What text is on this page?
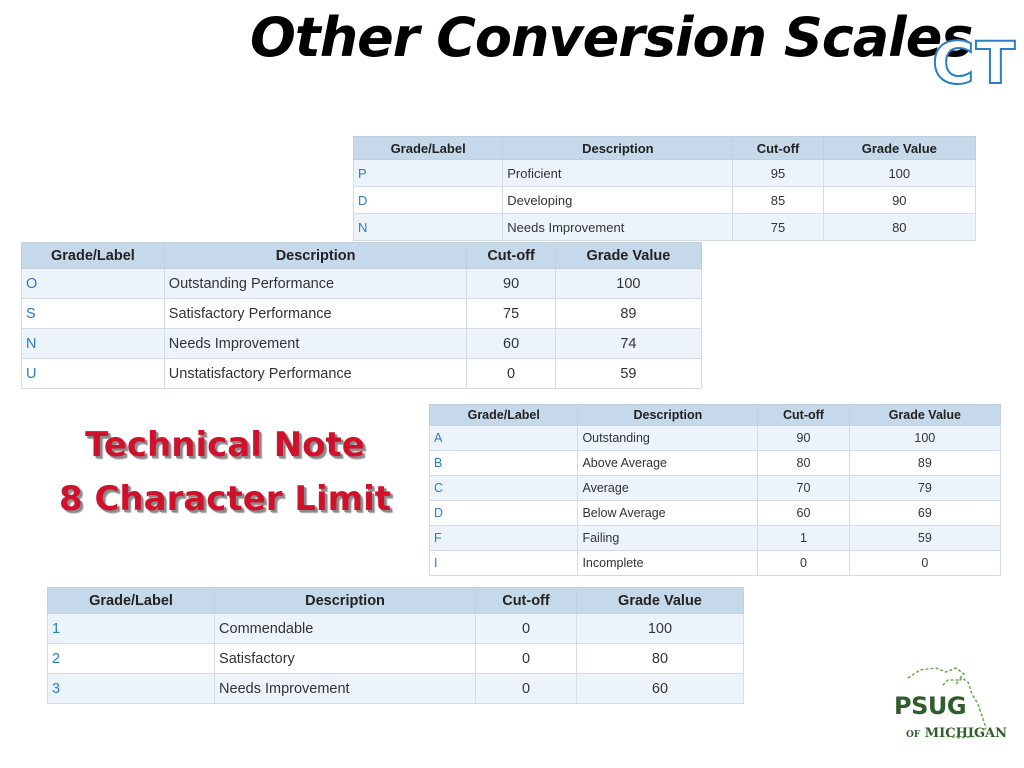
Other Conversion Scales
CT
Grade/Label	Description	Cut-off	Grade Value
P	Proficient	95	100
D	Developing	85	90
N	Needs Improvement	75	80
Grade/Label	Description	Cut-off	Grade Value
O	Outstanding Performance	90	100
S	Satisfactory Performance	75	89
N	Needs Improvement	60	74
U	Unstatisfactory Performance	0	59
Grade/Label	Description	Cut-off	Grade Value
A	Outstanding	90	100
B	Above Average	80	89
C	Average	70	79
D	Below Average	60	69
F	Failing	1	59
I	Incomplete	0	0
Grade/Label	Description	Cut-off	Grade Value
1	Commendable	0	100
2	Satisfactory	0	80
3	Needs Improvement	0	60
Technical Note
8 Character Limit
PSUG
OF MICHIGAN
